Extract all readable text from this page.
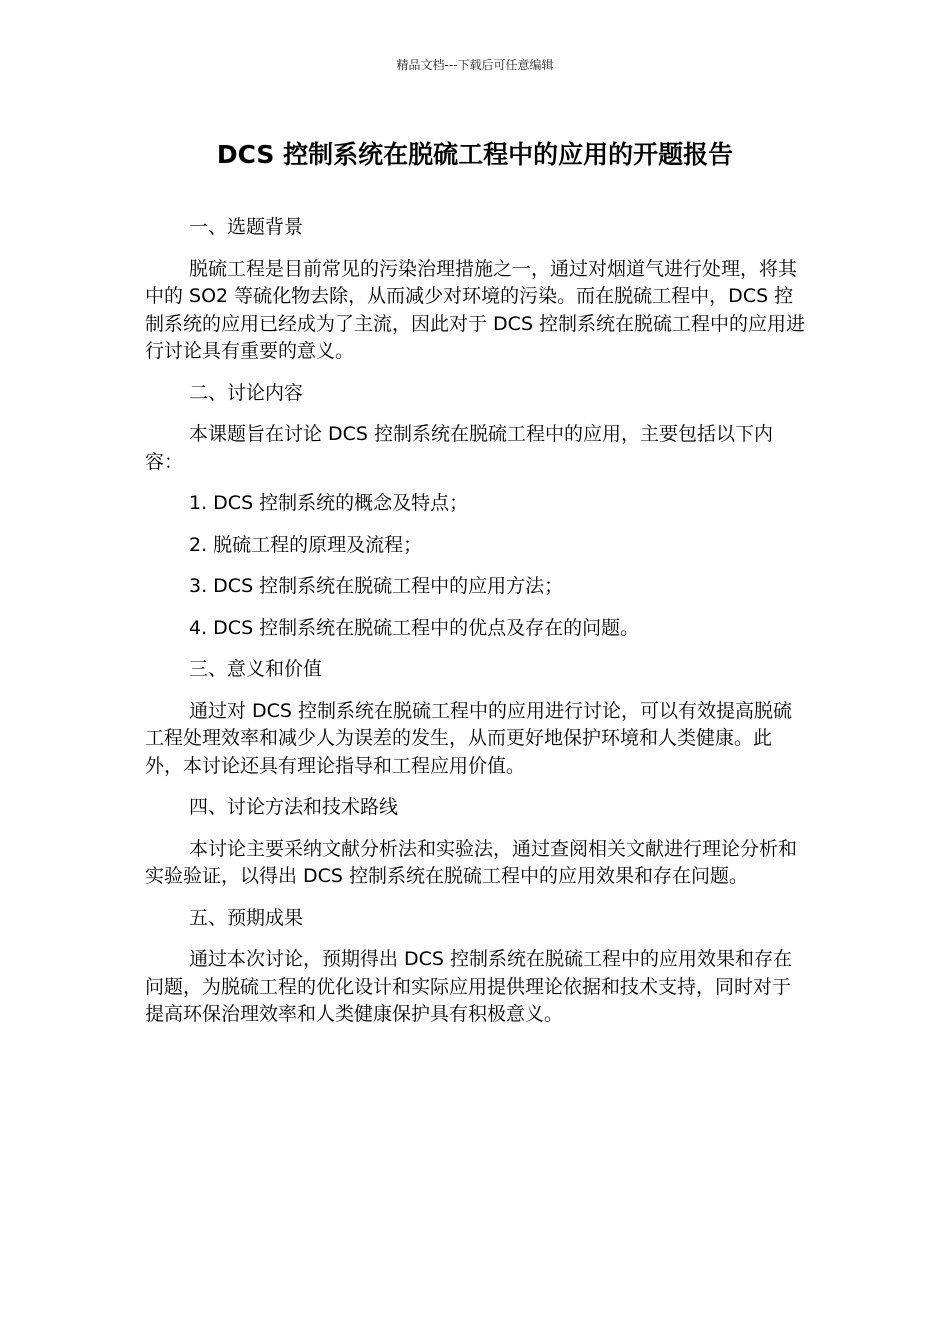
精品文档---下载后可任意编辑
DCS 控制系统在脱硫工程中的应用的开题报告

一、选题背景

脱硫工程是目前常见的污染治理措施之一，通过对烟道气进行处理，将其中的 SO2 等硫化物去除，从而减少对环境的污染。而在脱硫工程中，DCS 控制系统的应用已经成为了主流，因此对于 DCS 控制系统在脱硫工程中的应用进行讨论具有重要的意义。

二、讨论内容

本课题旨在讨论 DCS 控制系统在脱硫工程中的应用，主要包括以下内容：

1. DCS 控制系统的概念及特点；

2. 脱硫工程的原理及流程；

3. DCS 控制系统在脱硫工程中的应用方法；

4. DCS 控制系统在脱硫工程中的优点及存在的问题。

三、意义和价值

通过对 DCS 控制系统在脱硫工程中的应用进行讨论，可以有效提高脱硫工程处理效率和减少人为误差的发生，从而更好地保护环境和人类健康。此外，本讨论还具有理论指导和工程应用价值。

四、讨论方法和技术路线

本讨论主要采纳文献分析法和实验法，通过查阅相关文献进行理论分析和实验验证，以得出 DCS 控制系统在脱硫工程中的应用效果和存在问题。

五、预期成果

通过本次讨论，预期得出 DCS 控制系统在脱硫工程中的应用效果和存在问题，为脱硫工程的优化设计和实际应用提供理论依据和技术支持，同时对于提高环保治理效率和人类健康保护具有积极意义。
